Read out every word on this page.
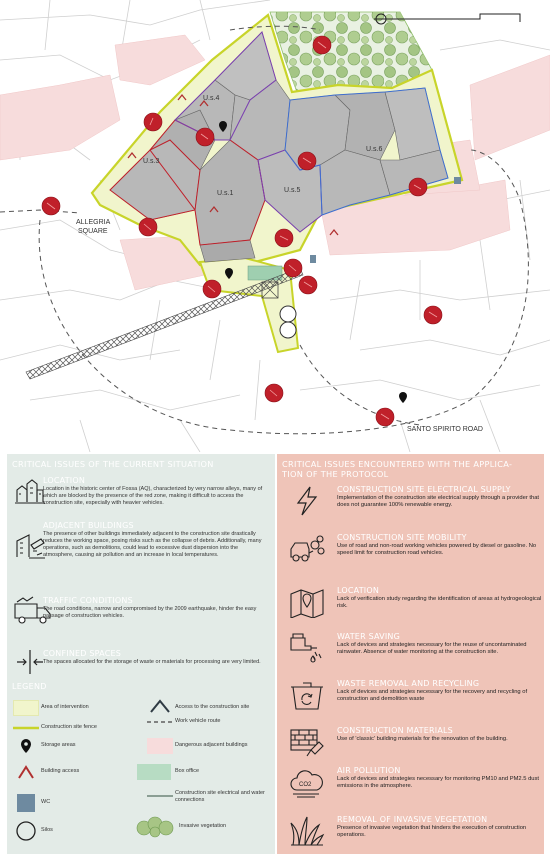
U.s.4
U.s.3
U.s.1	U.s.5
U.s.6
ALLEGRIA
SQUARE
SANTO SPIRITO ROAD
CRITICAL ISSUES OF THE CURRENT SITUATION
LOCATION
Location in the historic center of Fossa (AQ), characterized by very narrow alleys, many of which are blocked by the presence of the red zone, making it difficult to access the construction site, especially with heavier vehicles.
ADJACENT BUILDINGS
The presence of other buildings immediately adjacent to the construction site drastically reduces the working space, posing risks such as the collapse of debris. Additionally, many operations, such as demolitions, could lead to excessive dust dispersion into the atmosphere, causing air pollution and an increase in local temperatures.
TRAFFIC CONDITIONS
The road conditions, narrow and compromised by the 2009 earthquake, hinder the easy passage of construction vehicles.
CONFINED SPACES
The spaces allocated for the storage of waste or materials for processing are very limited.
LEGEND
Area of intervention
Construction site fence
Storage areas
Building access
WC
Silos
Access to the construction site
Work vehicle route
Dangerous adjacent buildings
Box office
Construction site electrical and water connections
Invasive vegetation
CRITICAL ISSUES ENCOUNTERED WITH THE APPLICA- TION OF THE PROTOCOL
CONSTRUCTION SITE ELECTRICAL SUPPLY
Implementation of the construction site electrical supply through a provider that does not guarantee 100% renewable energy.
CONSTRUCTION SITE MOBILITY
Use of road and non-road working vehicles powered by diesel or gasoline. No speed limit for construction road vehicles.
LOCATION
Lack of verification study regarding the identification of areas at hydrogeological risk.
WATER SAVING
Lack of devices and strategies necessary for the reuse of uncontaminated rainwater. Absence of water monitoring at the construction site.
WASTE REMOVAL AND RECYCLING
Lack of devices and strategies necessary for the recovery and recycling of construction and demolition waste
CONSTRUCTION MATERIALS
Use of 'classic' building materials for the renovation of the building.
CO2
AIR POLLUTION
Lack of devices and strategies necessary for monitoring PM10 and PM2.5 dust emissions in the atmosphere.
REMOVAL OF INVASIVE VEGETATION
Presence of invasive vegetation that hinders the execution of construction operations.
